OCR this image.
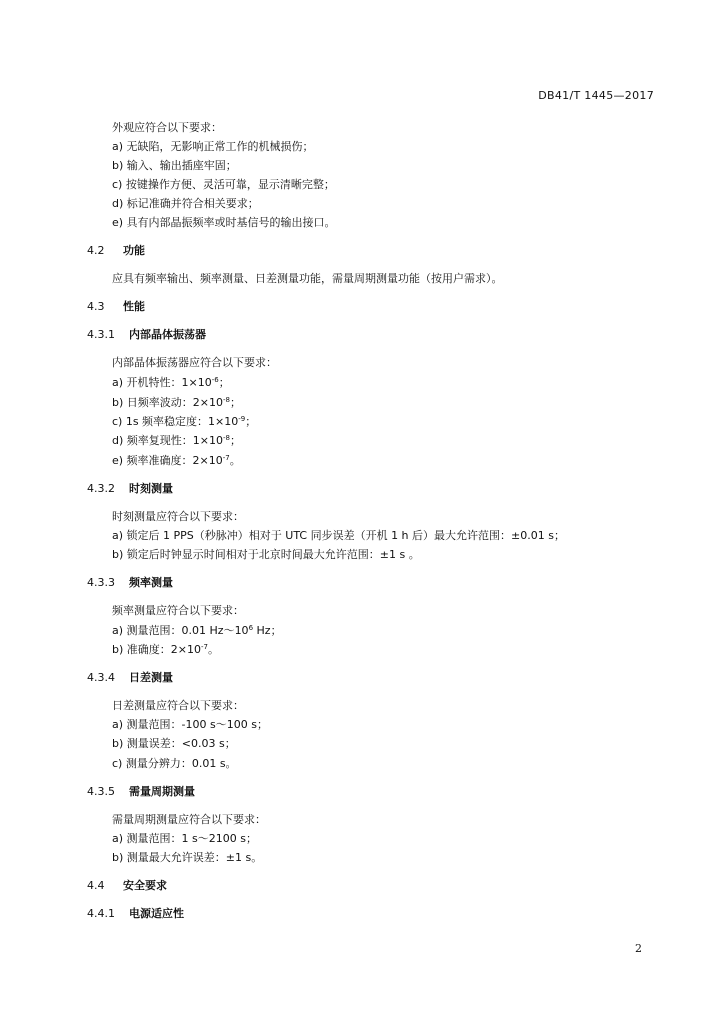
DB41/T 1445—2017
外观应符合以下要求：
a) 无缺陷，无影响正常工作的机械损伤；
b) 输入、输出插座牢固；
c) 按键操作方便、灵活可靠，显示清晰完整；
d) 标记准确并符合相关要求；
e) 具有内部晶振频率或时基信号的输出接口。
4.2 功能
应具有频率输出、频率测量、日差测量功能，需量周期测量功能（按用户需求）。
4.3 性能
4.3.1 内部晶体振荡器
内部晶体振荡器应符合以下要求：
a) 开机特性：$1\times 10^{-6}$；
b) 日频率波动：$2\times 10^{-8}$；
c) 1s 频率稳定度：$1\times 10^{-9}$；
d) 频率复现性：$1\times 10^{-8}$；
e) 频率准确度：$2\times 10^{-7}$。
4.3.2 时刻测量
时刻测量应符合以下要求：
a) 锁定后 1 PPS（秒脉冲）相对于 UTC 同步误差（开机 1 h 后）最大允许范围：±0.01 s；
b) 锁定后时钟显示时间相对于北京时间最大允许范围：±1 s 。
4.3.3 频率测量
频率测量应符合以下要求：
a) 测量范围：0.01 $Hz\sim 10^6$ Hz；
b) 准确度：$2\times 10^{-7}$。
4.3.4 日差测量
日差测量应符合以下要求：
a) 测量范围：-100 s～100 s；
b) 测量误差：<0.03 s；
c) 测量分辨力：0.01 s。
4.3.5 需量周期测量
需量周期测量应符合以下要求：
a) 测量范围：1 s～2100 s；
b) 测量最大允许误差：±1 s。
4.4 安全要求
4.4.1 电源适应性
2
